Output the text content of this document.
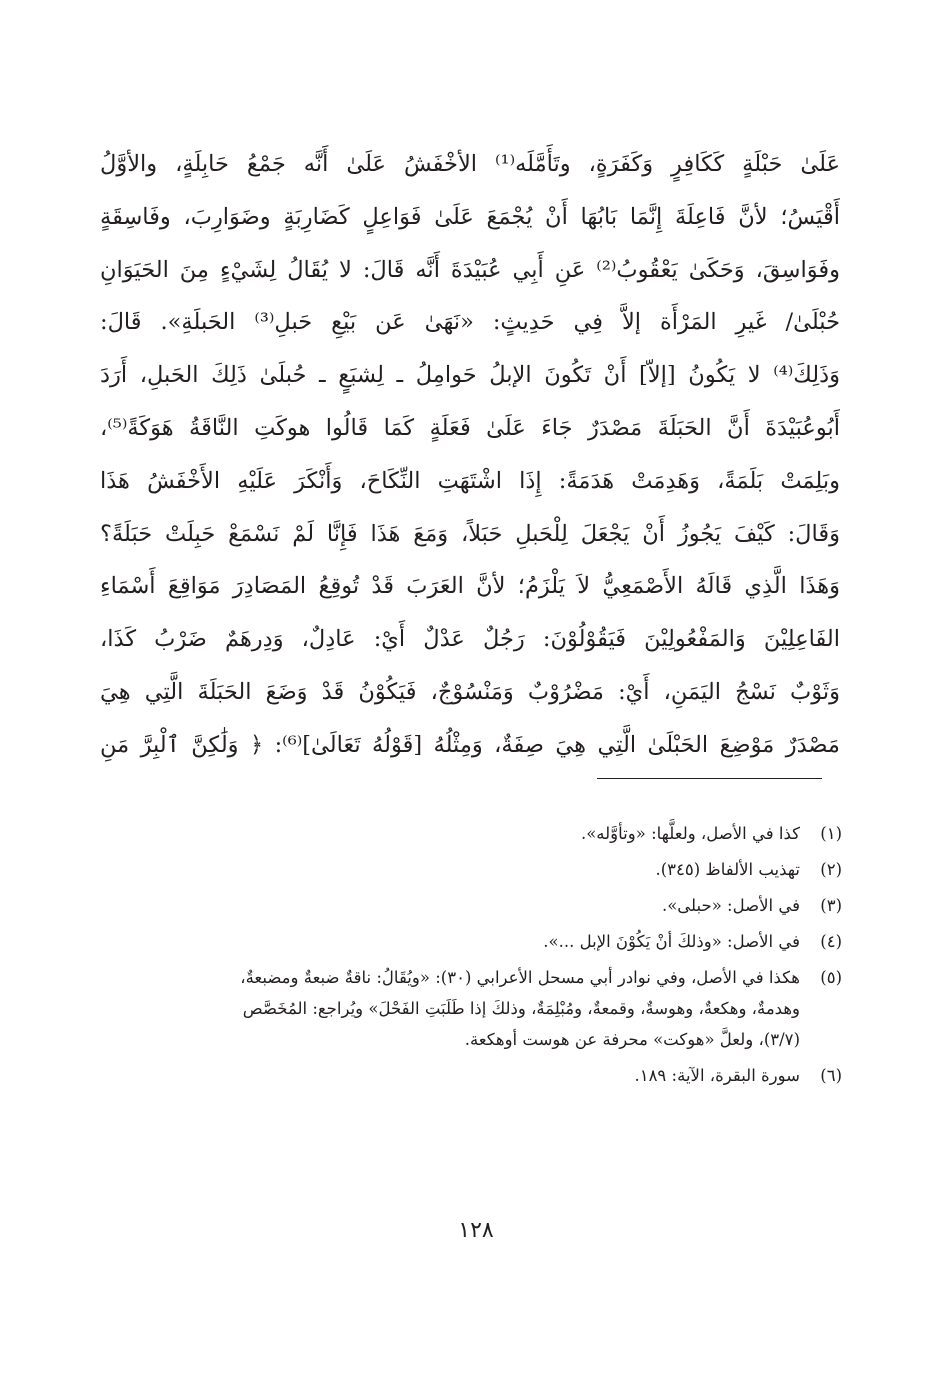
عَلَىٰ حَبْلَةٍ كَكَافِرٍ وَكَفَرَةٍ، وتَأَمَّلَه⁽¹⁾ الأخْفَشُ عَلَىٰ أَنَّه جَمْعُ حَابِلَةٍ، والأوَّلُ
أَقْيَسُ؛ لأنَّ فَاعِلَةَ إِنَّمَا بَابُهَا أَنْ يُجْمَعَ عَلَىٰ فَوَاعِلٍ كَضَارِبَةٍ وضَوَارِبَ، وفَاسِقَةٍ
وفَوَاسِقَ، وَحَكَىٰ يَعْقُوبُ⁽²⁾ عَنِ أَبِي عُبَيْدَةَ أَنَّه قَالَ: لا يُقَالُ لِشَيْءٍ مِنَ الحَيَوَانِ
حُبْلَىٰ/ غَيرِ المَرْأَة إلاَّ فِي حَدِيثٍ: «نَهَىٰ عَن بَيْعِ حَبلِ⁽³⁾ الحَبلَةِ». قَالَ:
وَذَلِكَ⁽⁴⁾ لا يَكُونُ [إلاّ] أَنْ تَكُونَ الإبلُ حَوامِلُ ـ لِشبَعٍ ـ حُبلَىٰ ذَلِكَ الحَبلِ، أَرَدَ
أَبُوعُبَيْدَةَ أَنَّ الحَبَلَةَ مَصْدَرٌ جَاءَ عَلَىٰ فَعَلَةٍ كَمَا قَالُوا هوكَتِ النَّاقَةُ هَوَكَةً⁽⁵⁾،
وبَلِمَتْ بَلَمَةً، وَهَدِمَتْ هَدَمَةً: إِذَا اشْتَهَتِ النِّكَاحَ، وَأَنْكَرَ عَلَيْهِ الأَخْفَشُ هَذَا
وَقَالَ: كَيْفَ يَجُوزُ أَنْ يَجْعَلَ لِلْحَبلِ حَبَلاً، وَمَعَ هَذَا فَإِنَّا لَمْ نَسْمَعْ حَبِلَتْ حَبَلَةً؟
وَهَذَا الَّذِي قَالَهُ الأَصْمَعِيُّ لاَ يَلْزَمُ؛ لأنَّ العَرَبَ قَدْ تُوقِعُ المَصَادِرَ مَوَاقِعَ أَسْمَاءِ
الفَاعِلِيْنَ وَالمَفْعُولِيْنَ فَيَقُوْلُوْنَ: رَجُلٌ عَدْلٌ أَيْ: عَادِلٌ، وَدِرهَمٌ ضَرْبُ كَذَا،
وَثَوْبٌ نَسْجُ اليَمَنِ، أَيْ: مَضْرُوْبٌ وَمَنْسُوْجٌ، فَيَكُوْنُ قَدْ وَضَعَ الحَبَلَةَ الَّتِي هِيَ
مَصْدَرٌ مَوْضِعَ الحَبْلَىٰ الَّتِي هِيَ صِفَةٌ، وَمِثْلُهُ [قَوْلُهُ تَعَالَىٰ]⁽⁶⁾: ﴿ وَلَٰكِنَّ ٱلْبِرَّ مَنِ
(١)
كذا في الأصل، ولعلَّها: «وتأوَّله».
(٢)
تهذيب الألفاظ (٣٤٥).
(٣)
في الأصل: «حبلى».
(٤)
في الأصل: «وذلكَ أنْ يَكُوْنَ الإبل ...».
(٥)
هكذا في الأصل، وفي نوادر أبي مسحل الأعرابي (٣٠): «ويُقَالُ: ناقةٌ ضبعةٌ ومضبعةٌ،
وهدمةٌ، وهكعةٌ، وهوسةٌ، وقمعةٌ، ومُبْلِمَةٌ، وذلكَ إذا طَلَبَتِ الفَحْلَ» ويُراجع: المُخَصَّص
(٣/٧)، ولعلَّ «هوكت» محرفة عن هوست أوهكعة.
(٦)
سورة البقرة، الآية: ١٨٩.
١٢٨
